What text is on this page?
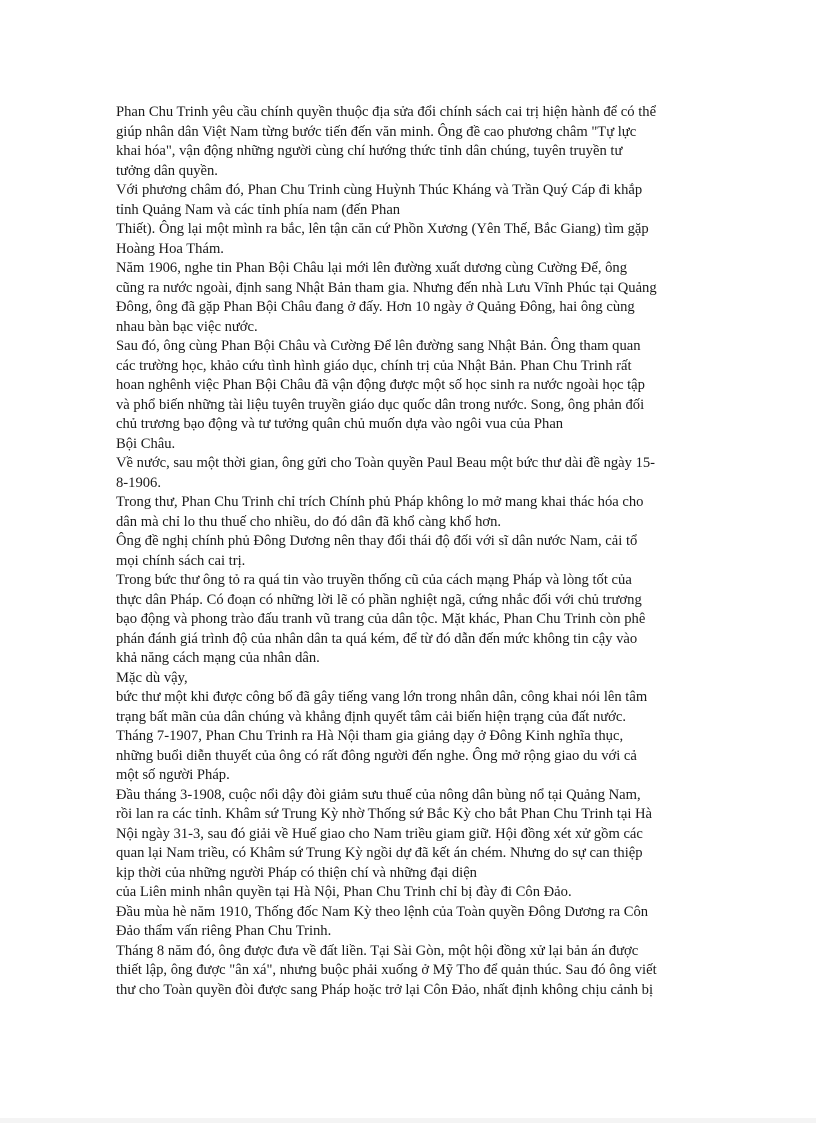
Phan Chu Trinh yêu cầu chính quyền thuộc địa sửa đổi chính sách cai trị hiện hành để có thể
giúp nhân dân Việt Nam từng bước tiến đến văn minh. Ông đề cao phương châm "Tự lực
khai hóa", vận động những người cùng chí hướng thức tỉnh dân chúng, tuyên truyền tư
tưởng dân quyền.
Với phương châm đó, Phan Chu Trinh cùng Huỳnh Thúc Kháng và Trần Quý Cáp đi khắp
tỉnh Quảng Nam và các tỉnh phía nam (đến Phan
Thiết). Ông lại một mình ra bắc, lên tận căn cứ Phồn Xương (Yên Thế, Bắc Giang) tìm gặp
Hoàng Hoa Thám.
Năm 1906, nghe tin Phan Bội Châu lại mới lên đường xuất dương cùng Cường Để, ông
cũng ra nước ngoài, định sang Nhật Bản tham gia. Nhưng đến nhà Lưu Vĩnh Phúc tại Quảng
Đông, ông đã gặp Phan Bội Châu đang ở đấy. Hơn 10 ngày ở Quảng Đông, hai ông cùng
nhau bàn bạc việc nước.
Sau đó, ông cùng Phan Bội Châu và Cường Để lên đường sang Nhật Bản. Ông tham quan
các trường học, khảo cứu tình hình giáo dục, chính trị của Nhật Bản. Phan Chu Trinh rất
hoan nghênh việc Phan Bội Châu đã vận động được một số học sinh ra nước ngoài học tập
và phổ biến những tài liệu tuyên truyền giáo dục quốc dân trong nước. Song, ông phản đối
chủ trương bạo động và tư tưởng quân chủ muốn dựa vào ngôi vua của Phan
Bội Châu.
Về nước, sau một thời gian, ông gửi cho Toàn quyền Paul Beau một bức thư dài đề ngày 15-
8-1906.
Trong thư, Phan Chu Trinh chỉ trích Chính phủ Pháp không lo mở mang khai thác hóa cho
dân mà chỉ lo thu thuế cho nhiều, do đó dân đã khổ càng khổ hơn.
Ông đề nghị chính phủ Đông Dương nên thay đổi thái độ đối với sĩ dân nước Nam, cải tổ
mọi chính sách cai trị.
Trong bức thư ông tỏ ra quá tin vào truyền thống cũ của cách mạng Pháp và lòng tốt của
thực dân Pháp. Có đoạn có những lời lẽ có phần nghiệt ngã, cứng nhắc đối với chủ trương
bạo động và phong trào đấu tranh vũ trang của dân tộc. Mặt khác, Phan Chu Trinh còn phê
phán đánh giá trình độ của nhân dân ta quá kém, để từ đó dẫn đến mức không tin cậy vào
khả năng cách mạng của nhân dân.
Mặc dù vậy,
bức thư một khi được công bố đã gây tiếng vang lớn trong nhân dân, công khai nói lên tâm
trạng bất mãn của dân chúng và khẳng định quyết tâm cải biến hiện trạng của đất nước.
Tháng 7-1907, Phan Chu Trinh ra Hà Nội tham gia giảng dạy ở Đông Kinh nghĩa thục,
những buổi diễn thuyết của ông có rất đông người đến nghe. Ông mở rộng giao du với cả
một số người Pháp.
Đầu tháng 3-1908, cuộc nổi dậy đòi giảm sưu thuế của nông dân bùng nổ tại Quảng Nam,
rồi lan ra các tỉnh. Khâm sứ Trung Kỳ nhờ Thống sứ Bắc Kỳ cho bắt Phan Chu Trinh tại Hà
Nội ngày 31-3, sau đó giải về Huế giao cho Nam triều giam giữ. Hội đồng xét xử gồm các
quan lại Nam triều, có Khâm sứ Trung Kỳ ngồi dự đã kết án chém. Nhưng do sự can thiệp
kịp thời của những người Pháp có thiện chí và những đại diện
của Liên minh nhân quyền tại Hà Nội, Phan Chu Trinh chỉ bị đày đi Côn Đảo.
Đầu mùa hè năm 1910, Thống đốc Nam Kỳ theo lệnh của Toàn quyền Đông Dương ra Côn
Đảo thẩm vấn riêng Phan Chu Trinh.
Tháng 8 năm đó, ông được đưa về đất liền. Tại Sài Gòn, một hội đồng xử lại bản án được
thiết lập, ông được "ân xá", nhưng buộc phải xuống ở Mỹ Tho để quản thúc. Sau đó ông viết
thư cho Toàn quyền đòi được sang Pháp hoặc trở lại Côn Đảo, nhất định không chịu cảnh bị
